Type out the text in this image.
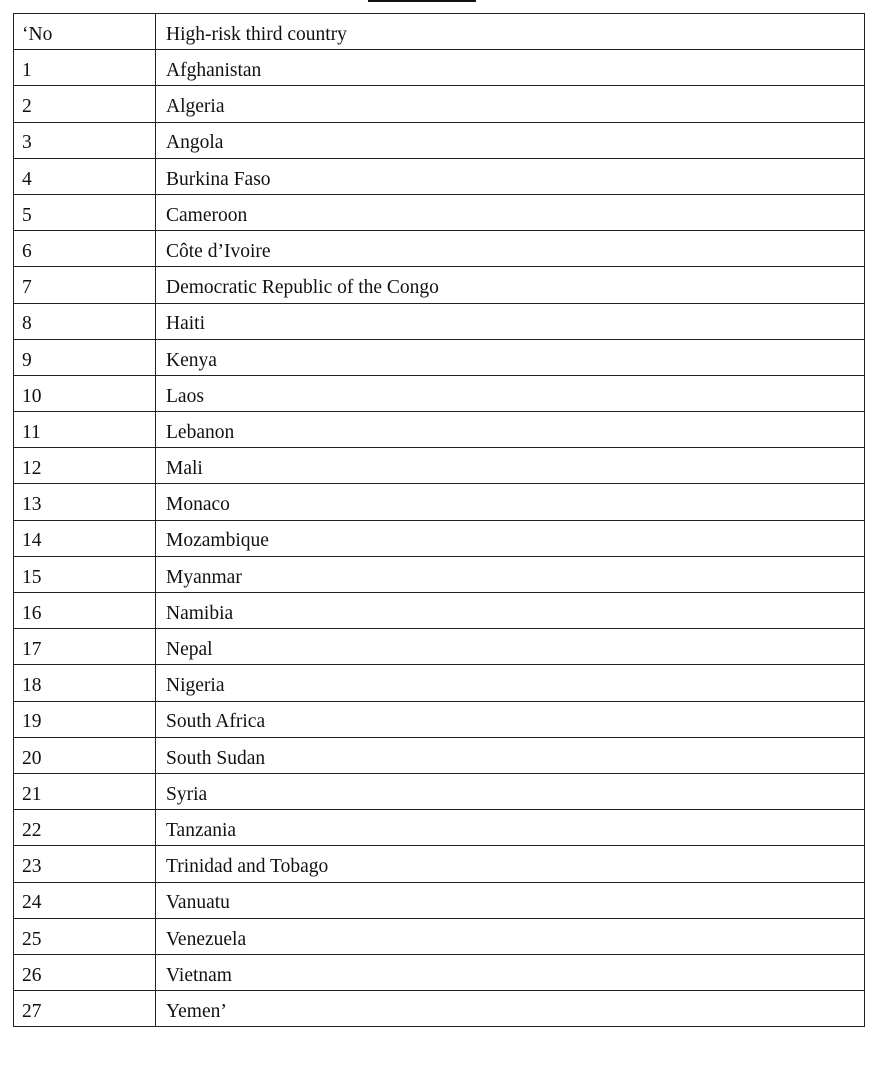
‘No	High-risk third country
1	Afghanistan
2	Algeria
3	Angola
4	Burkina Faso
5	Cameroon
6	Côte d’Ivoire
7	Democratic Republic of the Congo
8	Haiti
9	Kenya
10	Laos
11	Lebanon
12	Mali
13	Monaco
14	Mozambique
15	Myanmar
16	Namibia
17	Nepal
18	Nigeria
19	South Africa
20	South Sudan
21	Syria
22	Tanzania
23	Trinidad and Tobago
24	Vanuatu
25	Venezuela
26	Vietnam
27	Yemen’
